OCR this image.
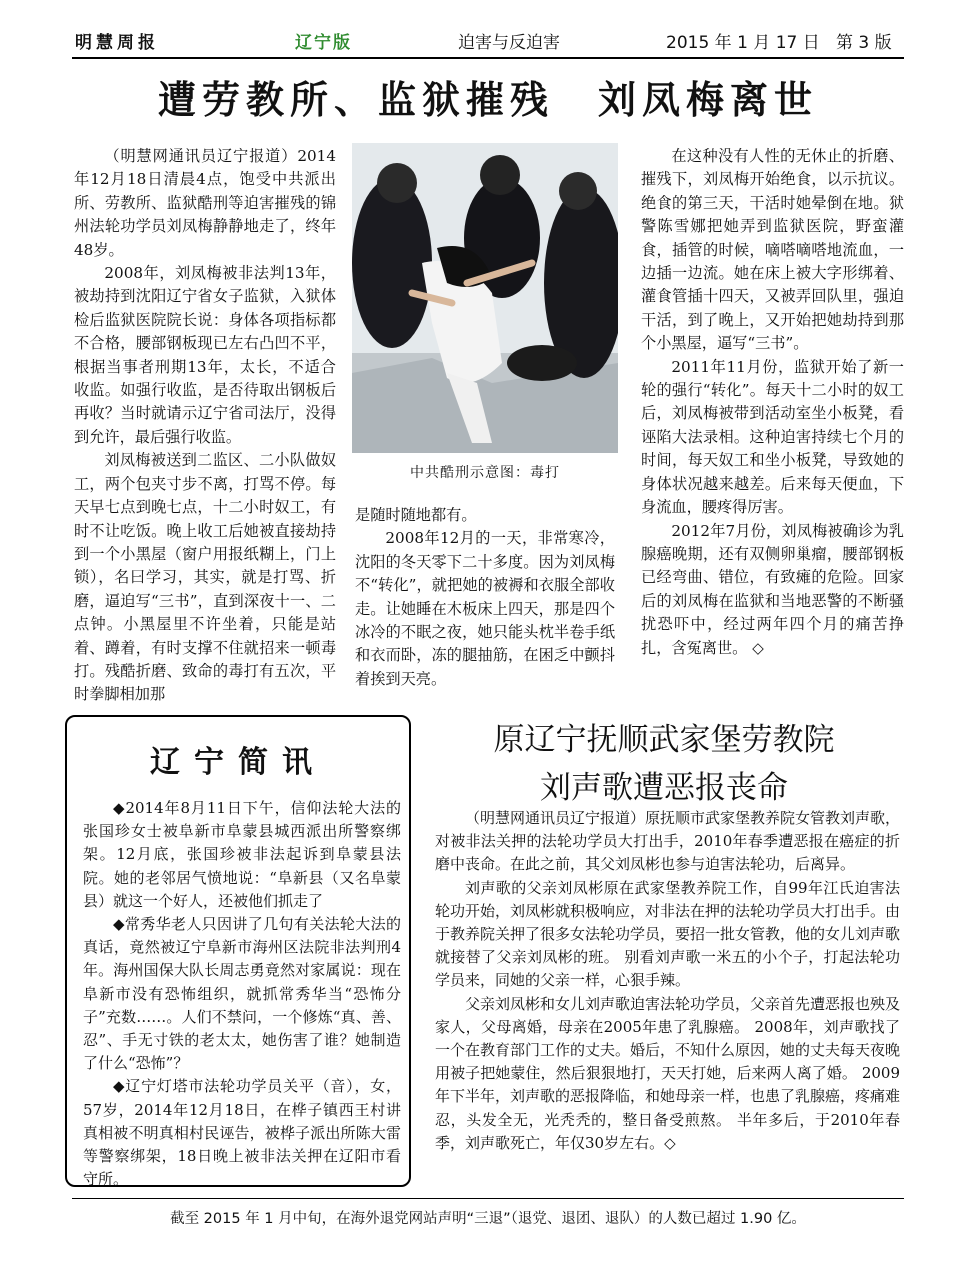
明慧周报	辽宁版	迫害与反迫害	2015 年 1 月 17 日 第 3 版
遭劳教所、监狱摧残　刘凤梅离世

（明慧网通讯员辽宁报道）2014年12月18日清晨4点，饱受中共派出所、劳教所、监狱酷刑等迫害摧残的锦州法轮功学员刘凤梅静静地走了，终年48岁。

2008年，刘凤梅被非法判13年，被劫持到沈阳辽宁省女子监狱，入狱体检后监狱医院院长说：身体各项指标都不合格，腰部钢板现已左右凸凹不平，根据当事者刑期13年，太长，不适合收监。如强行收监，是否待取出钢板后再收？当时就请示辽宁省司法厅，没得到允许，最后强行收监。

刘凤梅被送到二监区、二小队做奴工，两个包夹寸步不离，打骂不停。每天早七点到晚七点，十二小时奴工，有时不让吃饭。晚上收工后她被直接劫持到一个小黑屋（窗户用报纸糊上，门上锁），名曰学习，其实，就是打骂、折磨，逼迫写“三书”，直到深夜十一、二点钟。小黑屋里不许坐着，只能是站着、蹲着，有时支撑不住就招来一顿毒打。残酷折磨、致命的毒打有五次，平时拳脚相加那

中共酷刑示意图：毒打

是随时随地都有。

2008年12月的一天，非常寒冷，沈阳的冬天零下二十多度。因为刘凤梅不“转化”，就把她的被褥和衣服全部收走。让她睡在木板床上四天，那是四个冰冷的不眠之夜，她只能头枕半卷手纸和衣而卧，冻的腿抽筋，在困乏中颤抖着挨到天亮。

在这种没有人性的无休止的折磨、摧残下，刘凤梅开始绝食，以示抗议。绝食的第三天，干活时她晕倒在地。狱警陈雪娜把她弄到监狱医院，野蛮灌食，插管的时候，嘀嗒嘀嗒地流血，一边插一边流。她在床上被大字形绑着、灌食管插十四天，又被弄回队里，强迫干活，到了晚上，又开始把她劫持到那个小黑屋，逼写“三书”。

2011年11月份，监狱开始了新一轮的强行“转化”。每天十二小时的奴工后，刘凤梅被带到活动室坐小板凳，看诬陷大法录相。这种迫害持续七个月的时间，每天奴工和坐小板凳，导致她的身体状况越来越差。后来每天便血，下身流血，腰疼得厉害。

2012年7月份，刘凤梅被确诊为乳腺癌晚期，还有双侧卵巢瘤，腰部钢板已经弯曲、错位，有致瘫的危险。回家后的刘凤梅在监狱和当地恶警的不断骚扰恐吓中，经过两年四个月的痛苦挣扎，含冤离世。 ◇

辽宁简讯

◆2014年8月11日下午，信仰法轮大法的张国珍女士被阜新市阜蒙县城西派出所警察绑架。12月底，张国珍被非法起诉到阜蒙县法院。她的老邻居气愤地说：“阜新县（又名阜蒙县）就这一个好人，还被他们抓走了

◆常秀华老人只因讲了几句有关法轮大法的真话，竟然被辽宁阜新市海州区法院非法判刑4年。海州国保大队长周志勇竟然对家属说：现在阜新市没有恐怖组织，就抓常秀华当“恐怖分子”充数……。人们不禁问，一个修炼“真、善、忍”、手无寸铁的老太太，她伤害了谁？她制造了什么“恐怖”？

◆辽宁灯塔市法轮功学员关平（音），女，57岁，2014年12月18日，在桦子镇西王村讲真相被不明真相村民诬告，被桦子派出所陈大雷等警察绑架，18日晚上被非法关押在辽阳市看守所。

原辽宁抚顺武家堡劳教院
刘声歌遭恶报丧命

（明慧网通讯员辽宁报道）原抚顺市武家堡教养院女管教刘声歌，对被非法关押的法轮功学员大打出手，2010年春季遭恶报在癌症的折磨中丧命。在此之前，其父刘凤彬也参与迫害法轮功，后离异。

刘声歌的父亲刘凤彬原在武家堡教养院工作，自99年江氏迫害法轮功开始，刘凤彬就积极响应，对非法在押的法轮功学员大打出手。由于教养院关押了很多女法轮功学员，要招一批女管教，他的女儿刘声歌就接替了父亲刘凤彬的班。 别看刘声歌一米五的小个子，打起法轮功学员来，同她的父亲一样，心狠手辣。

父亲刘凤彬和女儿刘声歌迫害法轮功学员，父亲首先遭恶报也殃及家人，父母离婚，母亲在2005年患了乳腺癌。 2008年，刘声歌找了一个在教育部门工作的丈夫。婚后，不知什么原因，她的丈夫每天夜晚用被子把她蒙住，然后狠狠地打，天天打她，后来两人离了婚。 2009年下半年，刘声歌的恶报降临，和她母亲一样，也患了乳腺癌，疼痛难忍，头发全无，光秃秃的，整日备受煎熬。 半年多后，于2010年春季，刘声歌死亡，年仅30岁左右。◇

截至 2015 年 1 月中旬，在海外退党网站声明“三退”（退党、退团、退队）的人数已超过 1.90 亿。
